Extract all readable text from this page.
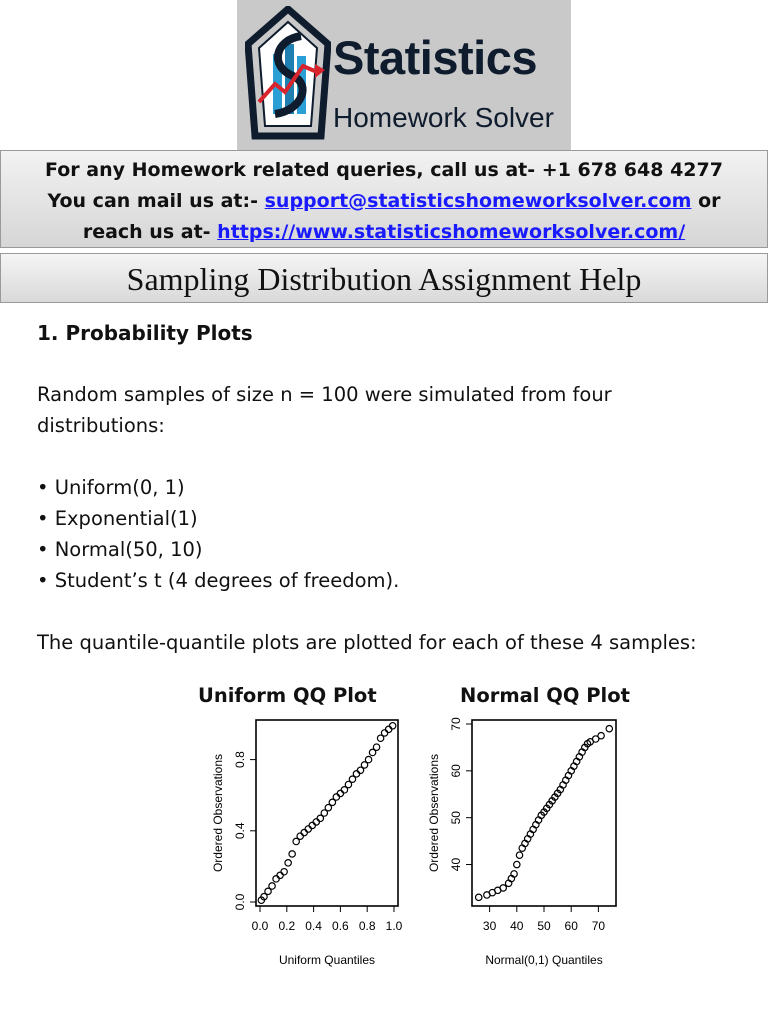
Statistics
Homework Solver
For any Homework related queries, call us at- +1 678 648 4277
You can mail us at:- support@statisticshomeworksolver.com or
reach us at- https://www.statisticshomeworksolver.com/
Sampling Distribution Assignment Help
1. Probability Plots

Random samples of size n = 100 were simulated from four distributions:

• Uniform(0, 1)

• Exponential(1)

• Normal(50, 10)

• Student’s t (4 degrees of freedom).

The quantile-quantile plots are plotted for each of these 4 samples:

Uniform QQ Plot	Normal QQ Plot
0.0 0.2 0.4 0.6 0.8 1.0
0.0
0.4
0.8
Uniform Quantiles
Ordered Observations
30 40 50 60 70
40
50
60
70
Normal(0,1) Quantiles
Ordered Observations
